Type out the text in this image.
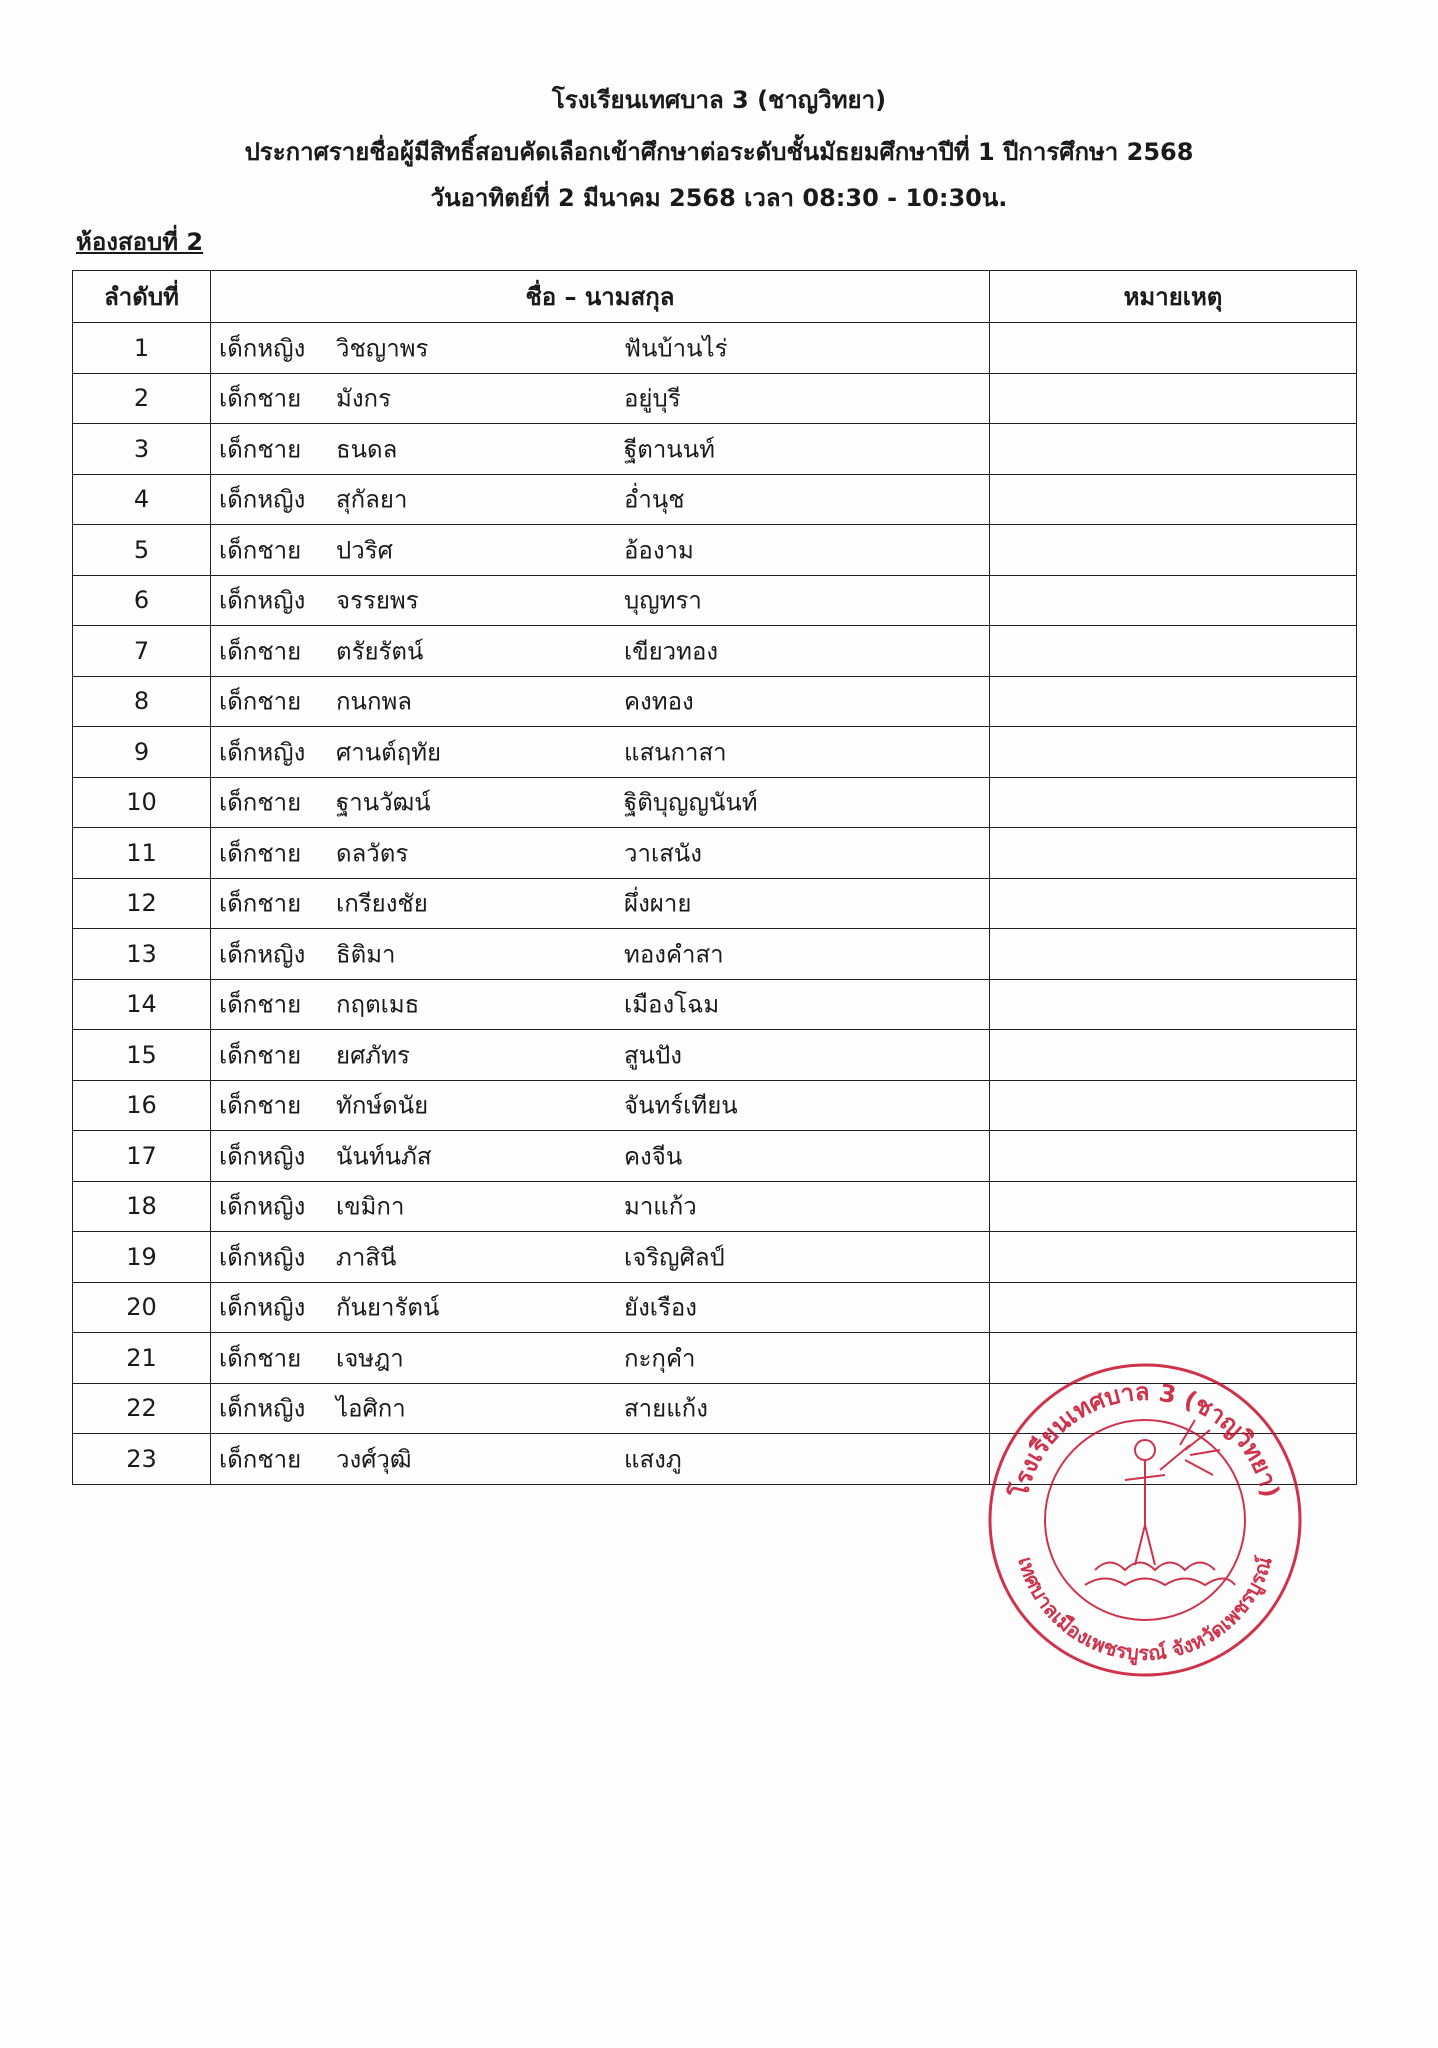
โรงเรียนเทศบาล 3 (ชาญวิทยา)
ประกาศรายชื่อผู้มีสิทธิ์สอบคัดเลือกเข้าศึกษาต่อระดับชั้นมัธยมศึกษาปีที่ 1 ปีการศึกษา 2568
วันอาทิตย์ที่ 2 มีนาคม 2568 เวลา 08:30 - 10:30น.
ห้องสอบที่ 2
ลำดับที่	ชื่อ – นามสกุล	หมายเหตุ
1	เด็กหญิง วิชญาพร ฟันบ้านไร่	

2	เด็กชาย มังกร อยู่บุรี	

3	เด็กชาย ธนดล ฐีตานนท์	

4	เด็กหญิง สุกัลยา อ่ำนุช	

5	เด็กชาย ปวริศ อ้องาม	

6	เด็กหญิง จรรยพร บุญทรา	

7	เด็กชาย ตรัยรัตน์ เขียวทอง	

8	เด็กชาย กนกพล คงทอง	

9	เด็กหญิง ศานต์ฤทัย แสนกาสา	

10	เด็กชาย ฐานวัฒน์ ฐิติบุญญนันท์	

11	เด็กชาย ดลวัตร วาเสนัง	

12	เด็กชาย เกรียงชัย ผึ่งผาย	

13	เด็กหญิง ธิติมา ทองคำสา	

14	เด็กชาย กฤตเมธ เมืองโฉม	

15	เด็กชาย ยศภัทร สูนปัง	

16	เด็กชาย ทักษ์ดนัย จันทร์เทียน	

17	เด็กหญิง นันท์นภัส คงจีน	

18	เด็กหญิง เขมิกา มาแก้ว	

19	เด็กหญิง ภาสินี เจริญศิลป์	

20	เด็กหญิง กันยารัตน์ ยังเรือง	

21	เด็กชาย เจษฎา กะกุคำ	

22	เด็กหญิง ไอศิกา สายแก้ง	

23	เด็กชาย วงศ์วุฒิ แสงภู	

โรงเรียนเทศบาล 3 (ชาญวิทยา)
เทศบาลเมืองเพชรบูรณ์ จังหวัดเพชรบูรณ์
